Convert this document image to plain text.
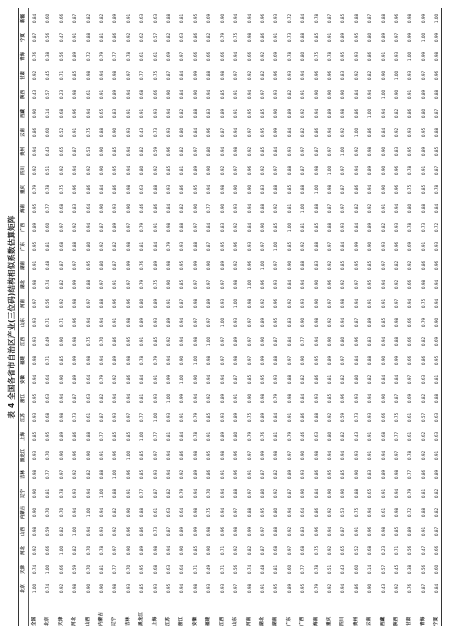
表 4 全国各省市自治区产业(三位码)结构相似系数估算矩阵
北京
天津
河北
山西
内蒙古
辽宁
吉林
黑龙江
上海
江苏
浙江
安徽
福建
江西
山东
河南
湖北
湖南
广东
广西
海南
重庆
四川
贵州
云南
西藏
陕西
甘肃
青海
宁夏
新疆
全国
1.00
0.74
0.92
0.98
0.90
0.90
0.98
0.93
0.85
0.93
0.95
0.94
0.98
0.93
0.93
0.97
0.98
0.91
0.95
0.89
0.95
0.79
0.92
0.94
0.86
0.90
0.43
0.92
0.76
0.87
0.84
北京
0.74
1.00
0.66
0.59
0.70
0.81
0.77
0.70
0.95
0.68
0.63
0.64
0.71
0.49
0.71
0.56
0.74
0.48
0.81
0.60
0.77
0.78
0.51
0.43
0.60
0.14
0.57
0.45
0.38
0.56
0.60
天津
0.92
0.66
1.00
0.82
0.70
0.78
0.97
0.90
0.89
0.98
0.94
0.90
0.85
0.90
0.71
0.92
0.82
0.87
0.68
0.97
0.68
0.75
0.92
0.65
0.52
0.68
0.23
0.71
0.56
0.47
0.66
河北
0.98
0.59
0.82
1.00
0.94
0.93
0.92
0.96
0.86
0.73
0.87
0.89
0.99
0.98
0.96
0.98
0.99
0.97
0.88
0.92
0.83
0.96
0.94
0.87
0.91
0.96
0.98
0.85
0.89
0.91
0.87
山西
0.90
0.70
0.70
0.94
1.00
0.94
0.82
0.90
0.88
0.61
0.63
0.64
0.98
0.75
0.94
0.97
0.88
0.95
0.80
0.94
0.64
0.86
0.92
0.53
0.75
0.94
0.61
0.98
0.72
0.88
0.82
内蒙古
0.90
0.81
0.78
0.93
0.94
1.00
0.88
0.91
0.77
0.87
0.82
0.79
0.94
0.70
0.94
0.88
0.97
0.80
0.92
0.87
0.90
0.84
0.90
0.90
0.88
0.65
0.91
0.94
0.79
0.81
0.82
辽宁
0.98
0.77
0.97
0.92
0.82
0.88
1.00
0.96
0.85
0.93
0.94
0.92
0.89
0.86
0.91
0.96
0.91
0.87
0.82
0.89
0.93
0.86
0.95
0.85
0.90
0.83
0.89
0.98
0.77
0.86
0.89
吉林
0.93
0.70
0.90
0.96
0.90
0.91
0.96
1.00
0.85
0.97
0.94
0.86
0.98
0.95
0.98
0.96
0.97
0.99
0.98
0.97
0.90
0.98
0.94
0.94
0.93
0.91
0.94
0.97
0.78
0.92
0.91
黑龙江
0.85
0.95
0.89
0.86
0.88
0.77
0.85
0.85
1.00
0.77
0.81
0.84
0.78
0.91
0.89
0.80
0.79
0.76
0.81
0.79
0.46
0.63
0.80
0.82
0.43
0.91
0.68
0.77
0.61
0.62
0.63
上海
0.93
0.68
0.98
0.73
0.61
0.87
0.93
0.97
0.77
1.00
0.93
0.91
0.79
0.85
0.93
0.89
0.75
0.89
0.84
0.91
0.86
0.88
0.92
0.59
0.73
0.93
0.66
0.75
0.61
0.57
0.63
江苏
0.95
0.63
0.94
0.87
0.63
0.82
0.94
0.94
0.81
0.93
1.00
0.99
0.94
0.92
0.89
0.91
0.90
0.98
0.79
0.98
0.84
0.93
0.85
0.96
0.93
0.94
0.90
0.87
0.69
0.82
0.88
浙江
0.94
0.64
0.90
0.89
0.64
0.79
0.92
0.86
0.84
0.91
0.99
1.00
0.90
0.94
0.94
0.87
0.85
0.95
0.93
0.88
0.82
0.86
0.81
0.82
0.80
0.82
0.84
0.84
0.97
0.63
0.81
安徽
0.98
0.71
0.85
0.99
0.98
0.94
0.89
0.98
0.78
0.79
0.94
0.90
1.00
0.98
0.97
0.98
0.97
0.99
0.88
0.97
0.90
0.95
0.89
0.97
0.84
0.88
0.90
0.99
0.66
0.86
0.95
福建
0.93
0.49
0.90
0.98
0.75
0.70
0.86
0.95
0.91
0.85
0.92
0.94
0.98
1.00
0.97
0.89
0.97
0.90
0.87
0.84
0.77
0.94
0.90
0.80
0.96
0.83
0.94
0.88
0.66
0.82
0.69
江西
0.93
0.71
0.71
0.96
0.94
0.94
0.91
0.98
0.89
0.93
0.89
0.94
0.97
0.97
1.00
0.93
0.97
0.89
0.95
0.83
0.90
0.98
0.92
0.94
0.87
0.89
0.85
0.98
0.66
0.79
0.90
山东
0.97
0.56
0.92
0.98
0.97
0.88
0.96
0.96
0.80
0.89
0.91
0.87
0.98
0.89
0.93
1.00
0.98
0.92
0.96
0.92
0.93
0.90
0.97
0.98
0.94
0.91
0.91
0.97
0.94
0.75
0.94
河南
0.98
0.74
0.82
0.99
0.88
0.97
0.91
0.97
0.79
0.75
0.90
0.85
0.97
0.97
0.97
0.98
1.00
0.96
0.93
0.84
0.94
0.90
0.96
0.92
0.97
0.95
0.94
0.92
0.66
0.98
0.94
湖北
0.91
0.48
0.87
0.97
0.95
0.80
0.87
0.99
0.76
0.89
0.98
0.95
0.99
0.90
0.89
0.92
0.96
1.00
0.97
0.90
0.88
0.83
0.92
0.85
0.95
0.85
0.97
0.82
0.92
0.86
0.96
湖南
0.95
0.81
0.68
0.88
0.80
0.92
0.82
0.98
0.81
0.84
0.79
0.93
0.88
0.87
0.95
0.96
0.93
0.97
1.00
0.85
0.92
0.88
0.97
0.84
0.99
0.90
0.93
0.96
0.69
0.91
0.93
广东
0.89
0.60
0.97
0.92
0.94
0.87
0.89
0.97
0.79
0.91
0.98
0.88
0.97
0.84
0.83
0.92
0.84
0.90
0.85
1.00
0.81
0.85
0.88
0.93
0.84
0.89
0.82
0.93
0.78
0.73
0.72
广西
0.95
0.77
0.68
0.83
0.64
0.90
0.93
0.90
0.46
0.86
0.84
0.82
0.90
0.77
0.90
0.93
0.94
0.88
0.92
0.81
1.00
0.88
0.87
0.97
0.82
0.92
0.91
0.94
0.80
0.88
0.84
海南
0.79
0.78
0.75
0.96
0.86
0.84
0.86
0.98
0.63
0.88
0.93
0.86
0.95
0.94
0.98
0.90
0.90
0.83
0.88
0.85
0.88
1.00
0.98
0.87
0.86
0.94
0.90
0.96
0.75
0.85
0.78
重庆
0.92
0.51
0.92
0.94
0.92
0.90
0.95
0.94
0.80
0.92
0.85
0.81
0.89
0.90
0.92
0.97
0.96
0.92
0.97
0.88
0.87
0.98
1.00
0.97
0.94
0.89
0.90
0.96
0.78
0.91
0.87
四川
0.94
0.43
0.65
0.87
0.53
0.90
0.85
0.94
0.82
0.59
0.96
0.82
0.97
0.80
0.94
0.98
0.92
0.85
0.84
0.93
0.97
0.87
0.97
1.00
0.92
0.98
0.90
0.83
0.95
0.89
0.85
贵州
0.86
0.60
0.52
0.91
0.75
0.88
0.90
0.93
0.43
0.73
0.93
0.80
0.84
0.96
0.87
0.94
0.97
0.95
0.99
0.84
0.82
0.86
0.94
0.92
1.00
0.86
0.84
0.92
0.93
0.95
0.88
云南
0.90
0.14
0.68
0.96
0.94
0.65
0.83
0.91
0.91
0.93
0.94
0.82
0.88
0.83
0.89
0.91
0.95
0.85
0.90
0.89
0.92
0.94
0.89
0.98
0.86
1.00
0.94
0.82
0.86
0.80
0.87
西藏
0.43
0.57
0.23
0.98
0.61
0.91
0.89
0.94
0.68
0.66
0.90
0.84
0.90
0.94
0.85
0.91
0.94
0.97
0.93
0.82
0.91
0.90
0.90
0.90
0.84
0.94
1.00
0.90
0.91
0.89
0.88
陕西
0.92
0.45
0.71
0.85
0.98
0.94
0.98
0.97
0.77
0.75
0.87
0.84
0.99
0.88
0.98
0.97
0.92
0.82
0.96
0.93
0.94
0.96
0.96
0.83
0.92
0.82
0.90
1.00
0.93
0.97
0.96
甘肃
0.76
0.38
0.56
0.89
0.72
0.79
0.77
0.78
0.61
0.61
0.69
0.97
0.66
0.66
0.66
0.94
0.66
0.92
0.69
0.78
0.80
0.75
0.78
0.95
0.93
0.86
0.91
0.93
1.00
0.99
0.98
青海
0.87
0.56
0.47
0.91
0.88
0.81
0.86
0.92
0.62
0.57
0.82
0.63
0.86
0.82
0.79
0.75
0.98
0.86
0.91
0.73
0.88
0.85
0.91
0.89
0.95
0.80
0.89
0.97
0.99
1.00
0.99
宁夏
0.84
0.60
0.66
0.87
0.82
0.82
0.89
0.91
0.63
0.63
0.88
0.81
0.95
0.69
0.90
0.94
0.94
0.96
0.93
0.72
0.84
0.78
0.87
0.85
0.88
0.87
0.88
0.96
0.98
0.99
1.00
